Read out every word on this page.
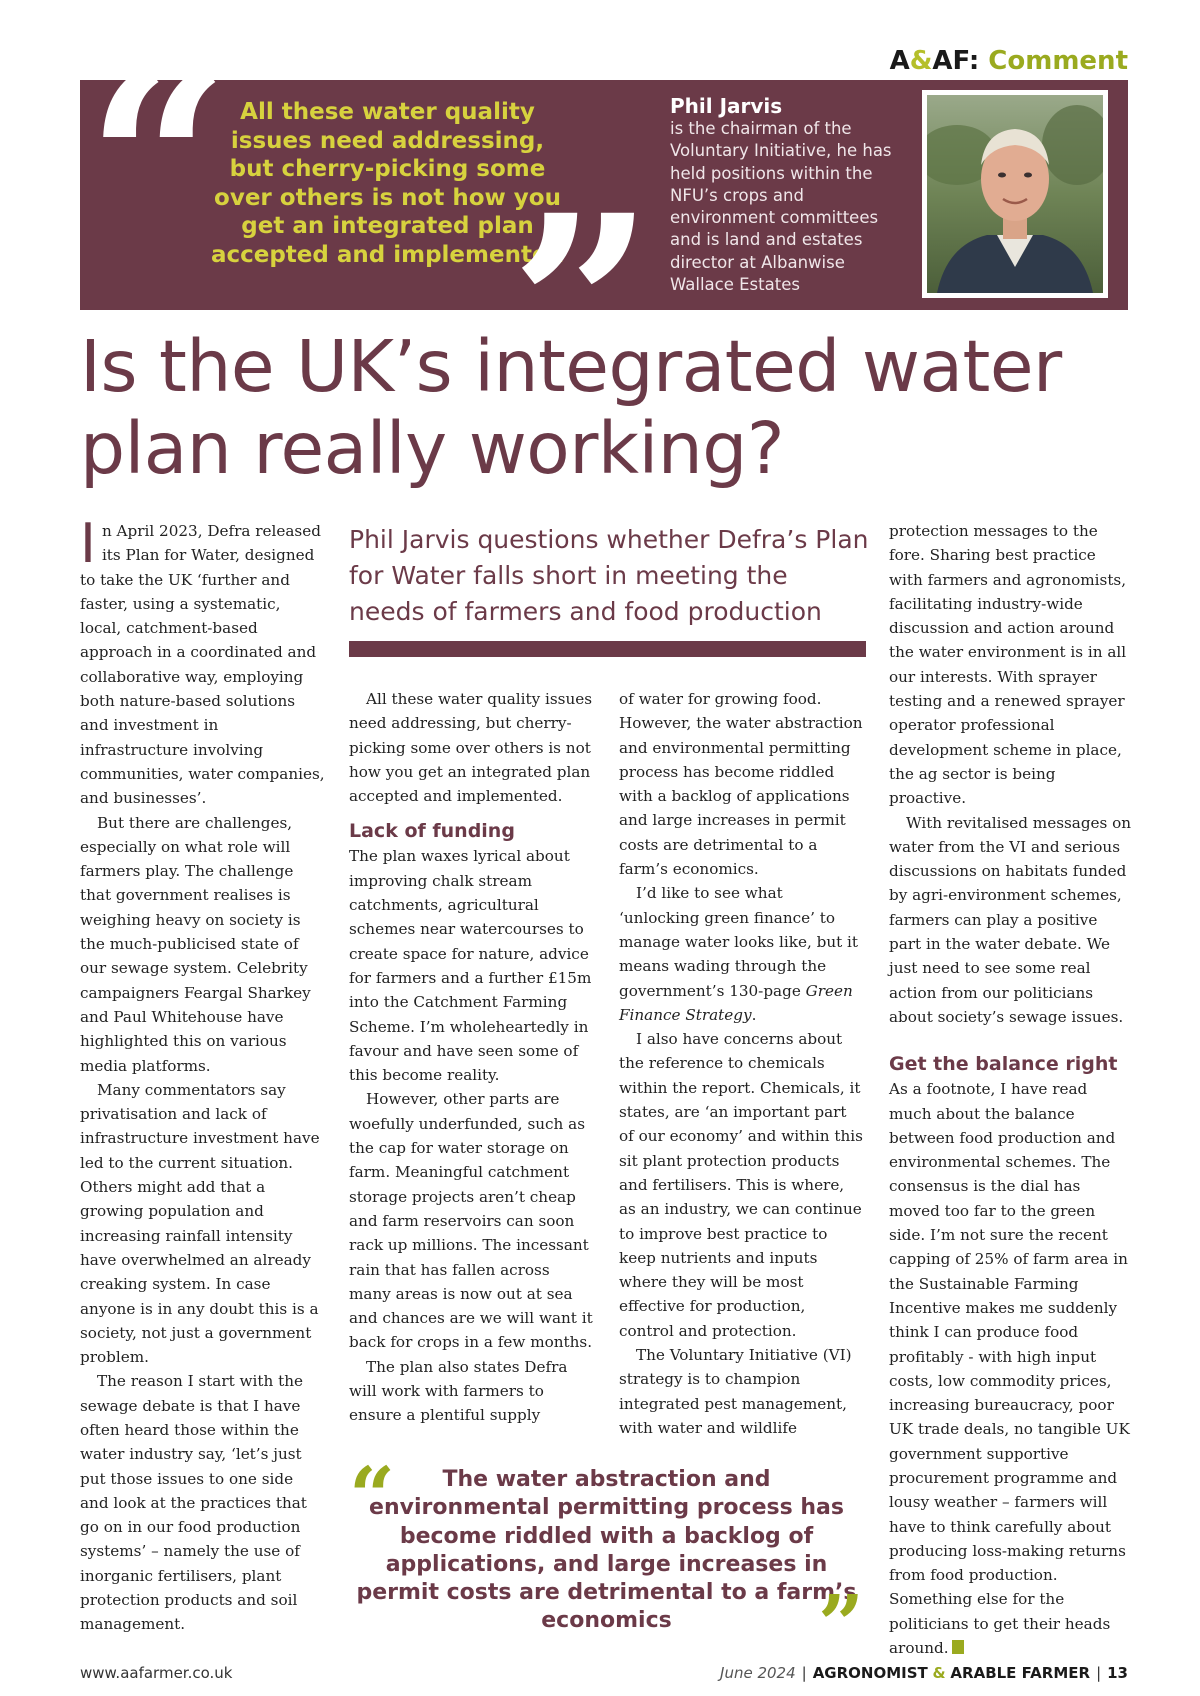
A&AF: Comment
“ All these water quality issues need addressing, but cherry-picking some over others is not how you get an integrated plan accepted and implemented
”
Phil Jarvis
is the chairman of the Voluntary Initiative, he has held positions within the NFU’s crops and environment committees and is land and estates director at Albanwise Wallace Estates
Is the UK’s integrated water plan really working?
I n April 2023, Defra released its Plan for Water, designed to take the UK ‘further and faster, using a systematic, local, catchment-based approach in a coordinated and collaborative way, employing both nature-based solutions and investment in infrastructure involving communities, water companies, and businesses’.

But there are challenges, especially on what role will farmers play. The challenge that government realises is weighing heavy on society is the much-publicised state of our sewage system. Celebrity campaigners Feargal Sharkey and Paul Whitehouse have highlighted this on various media platforms.

Many commentators say privatisation and lack of infrastructure investment have led to the current situation. Others might add that a growing population and increasing rainfall intensity have overwhelmed an already creaking system. In case anyone is in any doubt this is a society, not just a government problem.

The reason I start with the sewage debate is that I have often heard those within the water industry say, ‘let’s just put those issues to one side and look at the practices that go on in our food production systems’ – namely the use of inorganic fertilisers, plant protection products and soil management.

Phil Jarvis questions whether Defra’s Plan for Water falls short in meeting the needs of farmers and food production

All these water quality issues need addressing, but cherry-picking some over others is not how you get an integrated plan accepted and implemented.

Lack of funding

The plan waxes lyrical about improving chalk stream catchments, agricultural schemes near watercourses to create space for nature, advice for farmers and a further £15m into the Catchment Farming Scheme. I’m wholeheartedly in favour and have seen some of this become reality.

However, other parts are woefully underfunded, such as the cap for water storage on farm. Meaningful catchment storage projects aren’t cheap and farm reservoirs can soon rack up millions. The incessant rain that has fallen across many areas is now out at sea and chances are we will want it back for crops in a few months.

The plan also states Defra will work with farmers to ensure a plentiful supply

of water for growing food. However, the water abstraction and environmental permitting process has become riddled with a backlog of applications and large increases in permit costs are detrimental to a farm’s economics.

I’d like to see what ‘unlocking green finance’ to manage water looks like, but it means wading through the government’s 130-page Green Finance Strategy.

I also have concerns about the reference to chemicals within the report. Chemicals, it states, are ‘an important part of our economy’ and within this sit plant protection products and fertilisers. This is where, as an industry, we can continue to improve best practice to keep nutrients and inputs where they will be most effective for production, control and protection.

The Voluntary Initiative (VI) strategy is to champion integrated pest management, with water and wildlife

protection messages to the fore. Sharing best practice with farmers and agronomists, facilitating industry-wide discussion and action around the water environment is in all our interests. With sprayer testing and a renewed sprayer operator professional development scheme in place, the ag sector is being proactive.

With revitalised messages on water from the VI and serious discussions on habitats funded by agri-environment schemes, farmers can play a positive part in the water debate. We just need to see some real action from our politicians about society’s sewage issues.

Get the balance right

As a footnote, I have read much about the balance between food production and environmental schemes. The consensus is the dial has moved too far to the green side. I’m not sure the recent capping of 25% of farm area in the Sustainable Farming Incentive makes me suddenly think I can produce food profitably - with high input costs, low commodity prices, increasing bureaucracy, poor UK trade deals, no tangible UK government supportive procurement programme and lousy weather – farmers will have to think carefully about producing loss-making returns from food production. Something else for the politicians to get their heads around.

“	The water abstraction and environmental permitting process has become riddled with a backlog of applications, and large increases in permit costs are detrimental to a farm’s economics	”
www.aafarmer.co.uk	June 2024 | AGRONOMIST & ARABLE FARMER | 13
